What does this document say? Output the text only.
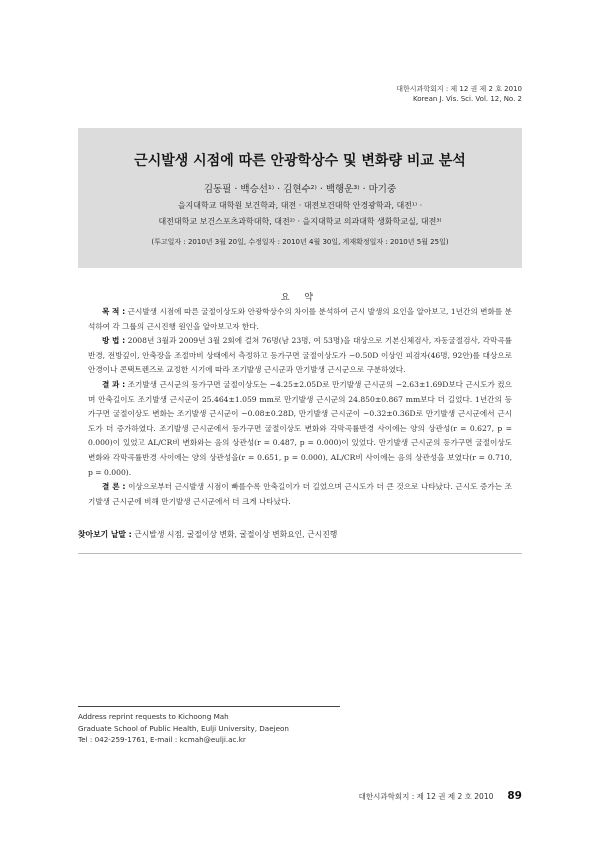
대한시과학회지 : 제 12 권 제 2 호 2010
Korean J. Vis. Sci. Vol. 12, No. 2
근시발생 시점에 따른 안광학상수 및 변화량 비교 분석
김동필 · 백승선¹⁾ · 김현수²⁾ · 백행운³⁾ · 마기중
을지대학교 대학원 보건학과, 대전 · 대전보건대학 안경광학과, 대전¹⁾ ·
대전대학교 보건스포츠과학대학, 대전²⁾ · 을지대학교 의과대학 생화학교실, 대전³⁾
(투고일자 : 2010년 3월 20일, 수정일자 : 2010년 4월 30일, 게재확정일자 : 2010년 5월 25일)
요 약

목 적 : 근시발생 시점에 따른 굴절이상도와 안광학상수의 차이를 분석하여 근시 발생의 요인을 알아보고, 1년간의 변화를 분석하여 각 그룹의 근시진행 원인을 알아보고자 한다.

방 법 : 2008년 3월과 2009년 3월 2회에 걸쳐 76명(남 23명, 여 53명)을 대상으로 기본신체검사, 자동굴절검사, 각막곡률반경, 전방깊이, 안축장을 조절마비 상태에서 측정하고 등가구면 굴절이상도가 −0.50D 이상인 피검자(46명, 92안)를 대상으로 안경이나 콘택트렌즈로 교정한 시기에 따라 조기발생 근시군과 만기발생 근시군으로 구분하였다.

결 과 : 조기발생 근시군의 등가구면 굴절이상도는 −4.25±2.05D로 만기발생 근시군의 −2.63±1.69D보다 근시도가 컸으며 안축길이도 조기발생 근시군이 25.464±1.059 mm로 만기발생 근시군의 24.850±0.867 mm보다 더 길었다. 1년간의 등가구면 굴절이상도 변화는 조기발생 근시군이 −0.08±0.28D, 만기발생 근시군이 −0.32±0.36D로 만기발생 근시군에서 근시도가 더 증가하였다. 조기발생 근시군에서 등가구면 굴절이상도 변화와 각막곡률반경 사이에는 양의 상관성(r = 0.627, p = 0.000)이 있었고 AL/CR비 변화와는 음의 상관성(r = 0.487, p = 0.000)이 있었다. 만기발생 근시군의 등가구면 굴절이상도 변화와 각막곡률반경 사이에는 양의 상관성을(r = 0.651, p = 0.000), AL/CR비 사이에는 음의 상관성을 보였다(r = 0.710, p = 0.000).

결 론 : 이상으로부터 근시발생 시점이 빠를수록 안축길이가 더 길었으며 근시도가 더 큰 것으로 나타났다. 근시도 증가는 조기발생 근시군에 비해 만기발생 근시군에서 더 크게 나타났다.

찾아보기 낱말 : 근시발생 시점, 굴절이상 변화, 굴절이상 변화요인, 근시진행
Address reprint requests to Kichoong Mah
Graduate School of Public Health, Eulji University, Daejeon
Tel : 042-259-1761, E-mail : kcmah@eulji.ac.kr
대한시과학회지 : 제 12 권 제 2 호 2010 89
